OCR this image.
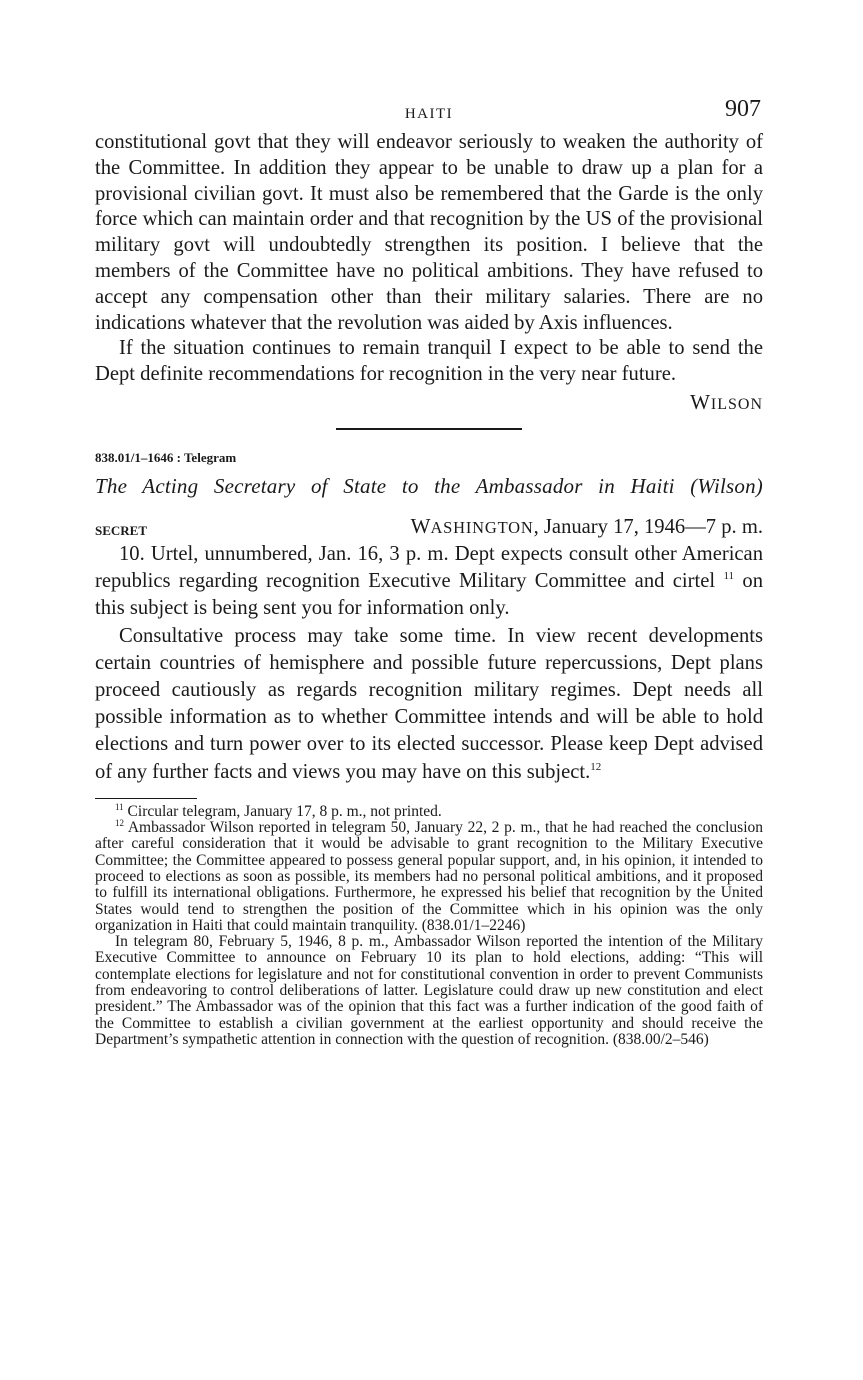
HAITI	907

constitutional govt that they will endeavor seriously to weaken the authority of the Committee. In addition they appear to be unable to draw up a plan for a provisional civilian govt. It must also be remembered that the Garde is the only force which can maintain order and that recognition by the US of the provisional military govt will undoubtedly strengthen its position. I believe that the members of the Committee have no political ambitions. They have refused to accept any compensation other than their military salaries. There are no indications whatever that the revolution was aided by Axis influences.

If the situation continues to remain tranquil I expect to be able to send the Dept definite recommendations for recognition in the very near future.

WILSON
838.01/1–1646 : Telegram
The Acting Secretary of State to the Ambassador in Haiti (Wilson)
SECRET	WASHINGTON, January 17, 1946—7 p. m.

10. Urtel, unnumbered, Jan. 16, 3 p. m. Dept expects consult other American republics regarding recognition Executive Military Committee and cirtel $^{11}$ on this subject is being sent you for information only.

Consultative process may take some time. In view recent developments certain countries of hemisphere and possible future repercussions, Dept plans proceed cautiously as regards recognition military regimes. Dept needs all possible information as to whether Committee intends and will be able to hold elections and turn power over to its elected successor. Please keep Dept advised of any further facts and views you may have on this subject.$^{12}$

$^{11}$ Circular telegram, January 17, 8 p. m., not printed.

$^{12}$ Ambassador Wilson reported in telegram 50, January 22, 2 p. m., that he had reached the conclusion after careful consideration that it would be advisable to grant recognition to the Military Executive Committee; the Committee appeared to possess general popular support, and, in his opinion, it intended to proceed to elections as soon as possible, its members had no personal political ambitions, and it proposed to fulfill its international obligations. Furthermore, he expressed his belief that recognition by the United States would tend to strengthen the position of the Committee which in his opinion was the only organization in Haiti that could maintain tranquility. (838.01/1–2246)

In telegram 80, February 5, 1946, 8 p. m., Ambassador Wilson reported the intention of the Military Executive Committee to announce on February 10 its plan to hold elections, adding: “This will contemplate elections for legislature and not for constitutional convention in order to prevent Communists from endeavoring to control deliberations of latter. Legislature could draw up new constitution and elect president.” The Ambassador was of the opinion that this fact was a further indication of the good faith of the Committee to establish a civilian government at the earliest opportunity and should receive the Department’s sympathetic attention in connection with the question of recognition. (838.00/2–546)
